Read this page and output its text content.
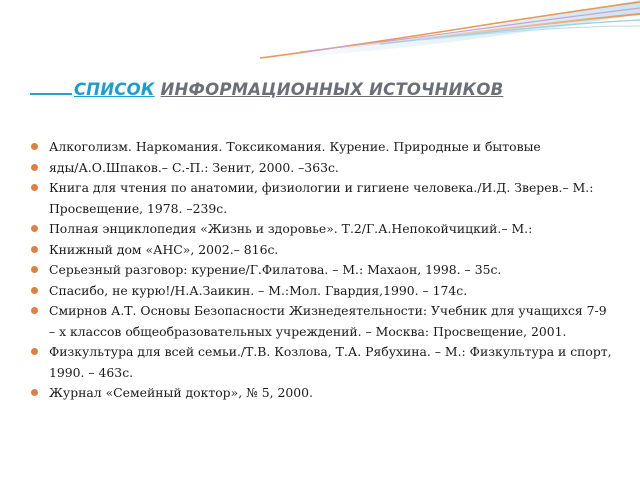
СПИСОК ИНФОРМАЦИОННЫХ ИСТОЧНИКОВ
Алкоголизм. Наркомания. Токсикомания. Курение. Природные и бытовые
яды/А.О.Шпаков.– С.-П.: Зенит, 2000. –363с.
Книга для чтения по анатомии, физиологии и гигиене человека./И.Д. Зверев.– М.: Просвещение, 1978. –239с.
Полная энциклопедия «Жизнь и здоровье». Т.2/Г.А.Непокойчицкий.– М.:
Книжный дом «АНС», 2002.– 816с.
Серьезный разговор: курение/Г.Филатова. – М.: Махаон, 1998. – 35с.
Спасибо, не курю!/Н.А.Заикин. – М.:Мол. Гвардия,1990. – 174с.
Смирнов А.Т. Основы Безопасности Жизнедеятельности: Учебник для учащихся 7-9 – х классов общеобразовательных учреждений. – Москва: Просвещение, 2001.
Физкультура для всей семьи./Т.В. Козлова, Т.А. Рябухина. – М.: Физкультура и спорт, 1990. – 463с.
Журнал «Семейный доктор», № 5, 2000.
